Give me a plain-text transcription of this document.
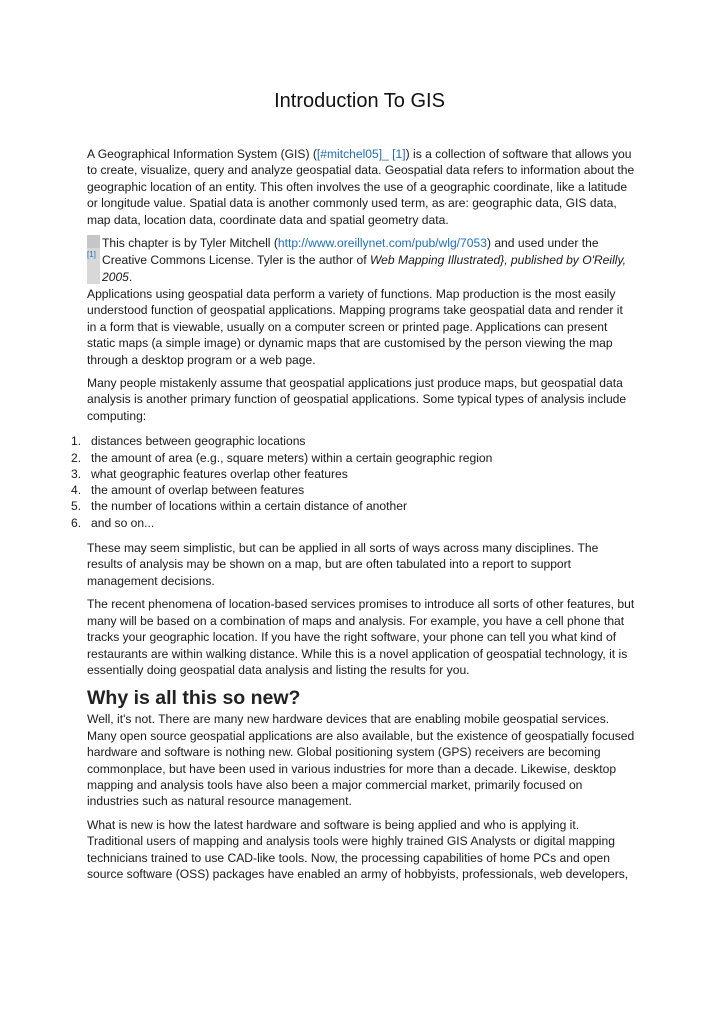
Introduction To GIS

A Geographical Information System (GIS) ([#mitchel05]_ [1]) is a collection of software that allows you to create, visualize, query and analyze geospatial data. Geospatial data refers to information about the geographic location of an entity. This often involves the use of a geographic coordinate, like a latitude or longitude value. Spatial data is another commonly used term, as are: geographic data, GIS data, map data, location data, coordinate data and spatial geometry data.

[1]

This chapter is by Tyler Mitchell (http://www.oreillynet.com/pub/wlg/7053) and used under the Creative Commons License. Tyler is the author of Web Mapping Illustrated}, published by O'Reilly, 2005.

Applications using geospatial data perform a variety of functions. Map production is the most easily understood function of geospatial applications. Mapping programs take geospatial data and render it in a form that is viewable, usually on a computer screen or printed page. Applications can present static maps (a simple image) or dynamic maps that are customised by the person viewing the map through a desktop program or a web page.

Many people mistakenly assume that geospatial applications just produce maps, but geospatial data analysis is another primary function of geospatial applications. Some typical types of analysis include computing:

1. distances between geographic locations
2. the amount of area (e.g., square meters) within a certain geographic region
3. what geographic features overlap other features
4. the amount of overlap between features
5. the number of locations within a certain distance of another
6. and so on...

These may seem simplistic, but can be applied in all sorts of ways across many disciplines. The results of analysis may be shown on a map, but are often tabulated into a report to support management decisions.

The recent phenomena of location-based services promises to introduce all sorts of other features, but many will be based on a combination of maps and analysis. For example, you have a cell phone that tracks your geographic location. If you have the right software, your phone can tell you what kind of restaurants are within walking distance. While this is a novel application of geospatial technology, it is essentially doing geospatial data analysis and listing the results for you.

Why is all this so new?

Well, it's not. There are many new hardware devices that are enabling mobile geospatial services. Many open source geospatial applications are also available, but the existence of geospatially focused hardware and software is nothing new. Global positioning system (GPS) receivers are becoming commonplace, but have been used in various industries for more than a decade. Likewise, desktop mapping and analysis tools have also been a major commercial market, primarily focused on industries such as natural resource management.

What is new is how the latest hardware and software is being applied and who is applying it. Traditional users of mapping and analysis tools were highly trained GIS Analysts or digital mapping technicians trained to use CAD-like tools. Now, the processing capabilities of home PCs and open source software (OSS) packages have enabled an army of hobbyists, professionals, web developers,
